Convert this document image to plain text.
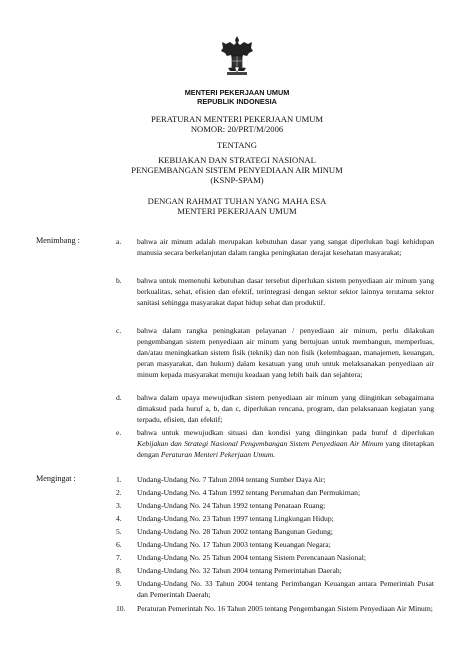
MENTERI PEKERJAAN UMUM
REPUBLIK INDONESIA
PERATURAN MENTERI PEKERJAAN UMUM
NOMOR: 20/PRT/M/2006
TENTANG
KEBIJAKAN DAN STRATEGI NASIONAL
PENGEMBANGAN SISTEM PENYEDIAAN AIR MINUM
(KSNP-SPAM)
DENGAN RAHMAT TUHAN YANG MAHA ESA
MENTERI PEKERJAAN UMUM
Menimbang :	a. bahwa air minum adalah merupakan kebutuhan dasar yang sangat diperlukan bagi kehidupan manusia secara berkelanjutan dalam rangka peningkatan derajat kesehatan masyarakat;
b. bahwa untuk memenuhi kebutuhan dasar tersebut diperlukan sistem penyediaan air minum yang berkualitas, sehat, efisien dan efektif, terintegrasi dengan sektor sektor lainnya terutama sektor sanitasi sehingga masyarakat dapat hidup sehat dan produktif.
c. bahwa dalam rangka peningkatan pelayanan / penyediaan air minum, perlu dilakukan pengembangan sistem penyediaan air minum yang bertujuan untuk membangun, memperluas, dan/atau meningkatkan sistem fisik (teknik) dan non fisik (kelembagaan, manajemen, keuangan, peran masyarakat, dan hukum) dalam kesatuan yang utuh untuk melaksanakan penyediaan air minum kepada masyarakat menuju keadaan yang lebih baik dan sejahtera;
d. bahwa dalam upaya mewujudkan sistem penyediaan air minum yang diinginkan sebagaimana dimaksud pada huruf a, b, dan c, diperlukan rencana, program, dan pelaksanaan kegiatan yang terpadu, efisien, dan efektif;
e. bahwa untuk mewujudkan situasi dan kondisi yang diinginkan pada huruf d diperlukan Kebijakan dan Strategi Nasional Pengembangan Sistem Penyediaan Air Minum yang ditetapkan dengan Peraturan Menteri Pekerjaan Umum.
Mengingat :	1. Undang-Undang No. 7 Tahun 2004 tentang Sumber Daya Air;
2. Undang-Undang No. 4 Tahun 1992 tentang Perumahan dan Permukiman;
3. Undang-Undang No. 24 Tahun 1992 tentang Penataan Ruang;
4. Undang-Undang No. 23 Tahun 1997 tentang Lingkungan Hidup;
5. Undang-Undang No. 28 Tahun 2002 tentang Bangunan Gedung;
6. Undang-Undang No. 17 Tahun 2003 tentang Keuangan Negara;
7. Undang-Undang No. 25 Tahun 2004 tentang Sistem Perencanaan Nasional;
8. Undang-Undang No. 32 Tahun 2004 tentang Pemerintahan Daerah;
9. Undang-Undang No. 33 Tahun 2004 tentang Perimbangan Keuangan antara Pemerintah Pusat dan Pemerintah Daerah;
10. Peraturan Pemerintah No. 16 Tahun 2005 tentang Pengembangan Sistem Penyediaan Air Minum;
